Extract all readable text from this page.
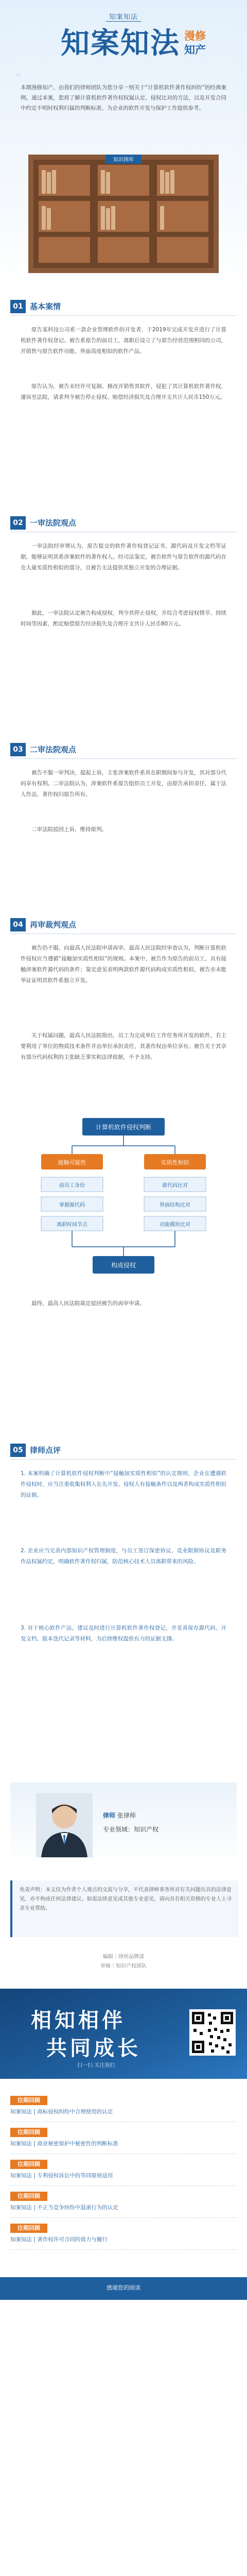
知案知法
知案知法 漫修
知产
“
本期漫修知产，由我们的律师团队为您分享一则关于“计算机软件著作权纠纷”的经典案例。通过本案，您将了解计算机软件著作权权属认定、侵权比对的方法，以及开发合同中约定不明时权利归属的判断标准，为企业的软件开发与保护工作提供参考。
知识图库
01 基本案情

原告某科技公司系一款企业管理软件的开发者，于2019年完成开发并进行了计算机软件著作权登记。被告系原告的前员工，离职后设立了与原告经营范围相同的公司，并销售与原告软件功能、界面高度相似的软件产品。

原告认为，被告未经许可复制、修改并销售其软件，侵犯了其计算机软件著作权，遂诉至法院，请求判令被告停止侵权、赔偿经济损失及合理开支共计人民币150万元。

02 一审法院观点

一审法院经审理认为，原告提交的软件著作权登记证书、源代码及开发文档等证据，能够证明其系涉案软件的著作权人。经司法鉴定，被告软件与原告软件的源代码存在大量实质性相似的部分，且被告无法提供其独立开发的合理证据。

据此，一审法院认定被告构成侵权，判令其停止侵权，并综合考虑侵权情节、持续时间等因素，酌定赔偿原告经济损失及合理开支共计人民币80万元。

03 二审法院观点

被告不服一审判决，提起上诉，主张涉案软件系其在职期间参与开发，其对部分代码享有权利。二审法院认为，涉案软件系原告组织员工开发，由原告承担责任，属于法人作品，著作权归原告所有。

二审法院驳回上诉，维持原判。

04 再审裁判观点

被告仍不服，向最高人民法院申请再审。最高人民法院经审查认为，判断计算机软件侵权应当遵循“接触加实质性相似”的规则。本案中，被告作为原告的前员工，具有接触涉案软件源代码的条件；鉴定意见表明两款软件源代码构成实质性相似，被告亦未能举证证明其软件系独立开发。

关于权属问题，最高人民法院指出，员工为完成单位工作任务所开发的软件，若主要利用了单位的物质技术条件并由单位承担责任，其著作权由单位享有。被告关于其享有部分代码权利的主张缺乏事实和法律依据，不予支持。

计算机软件侵权判断
接触可能性	实质性相似
前员工身份
掌握源代码
离职时间节点
源代码比对
界面结构比对
功能模块比对
构成侵权

最终，最高人民法院裁定驳回被告的再审申请。

05 律师点评

1. 本案明确了计算机软件侵权判断中“接触加实质性相似”的认定规则，企业在遭遇软件侵权时，应当注重收集权利人在先开发、侵权人有接触条件以及两者构成实质性相似的证据。

2. 企业应当完善内部知识产权管理制度，与员工签订保密协议、竞业限制协议及职务作品权属约定，明确软件著作权归属，防范核心技术人员离职带来的风险。

3. 对于核心软件产品，建议及时进行计算机软件著作权登记，并妥善保存源代码、开发文档、版本迭代记录等材料，为后续维权提供有力的证据支撑。

律师 张律师
专业领域：知识产权

免责声明：本文仅为作者个人观点的交流与分享，不代表律师事务所对有关问题出具的法律意见，亦不构成任何法律建议。如需法律意见或其他专业意见，请向具有相关资格的专业人士寻求专业帮助。

编辑｜律所品牌部
审核｜知识产权团队
相知相伴
共同成长
扫一扫 关注我们
往期回顾
知案知法 | 商标侵权纠纷中合理使用的认定
往期回顾
知案知法 | 商业秘密保护中秘密性的判断标准
往期回顾
知案知法 | 专利侵权诉讼中的等同原则适用
往期回顾
知案知法 | 不正当竞争纠纷中混淆行为的认定
往期回顾
知案知法 | 著作权许可合同的效力与履行
感谢您的阅读
